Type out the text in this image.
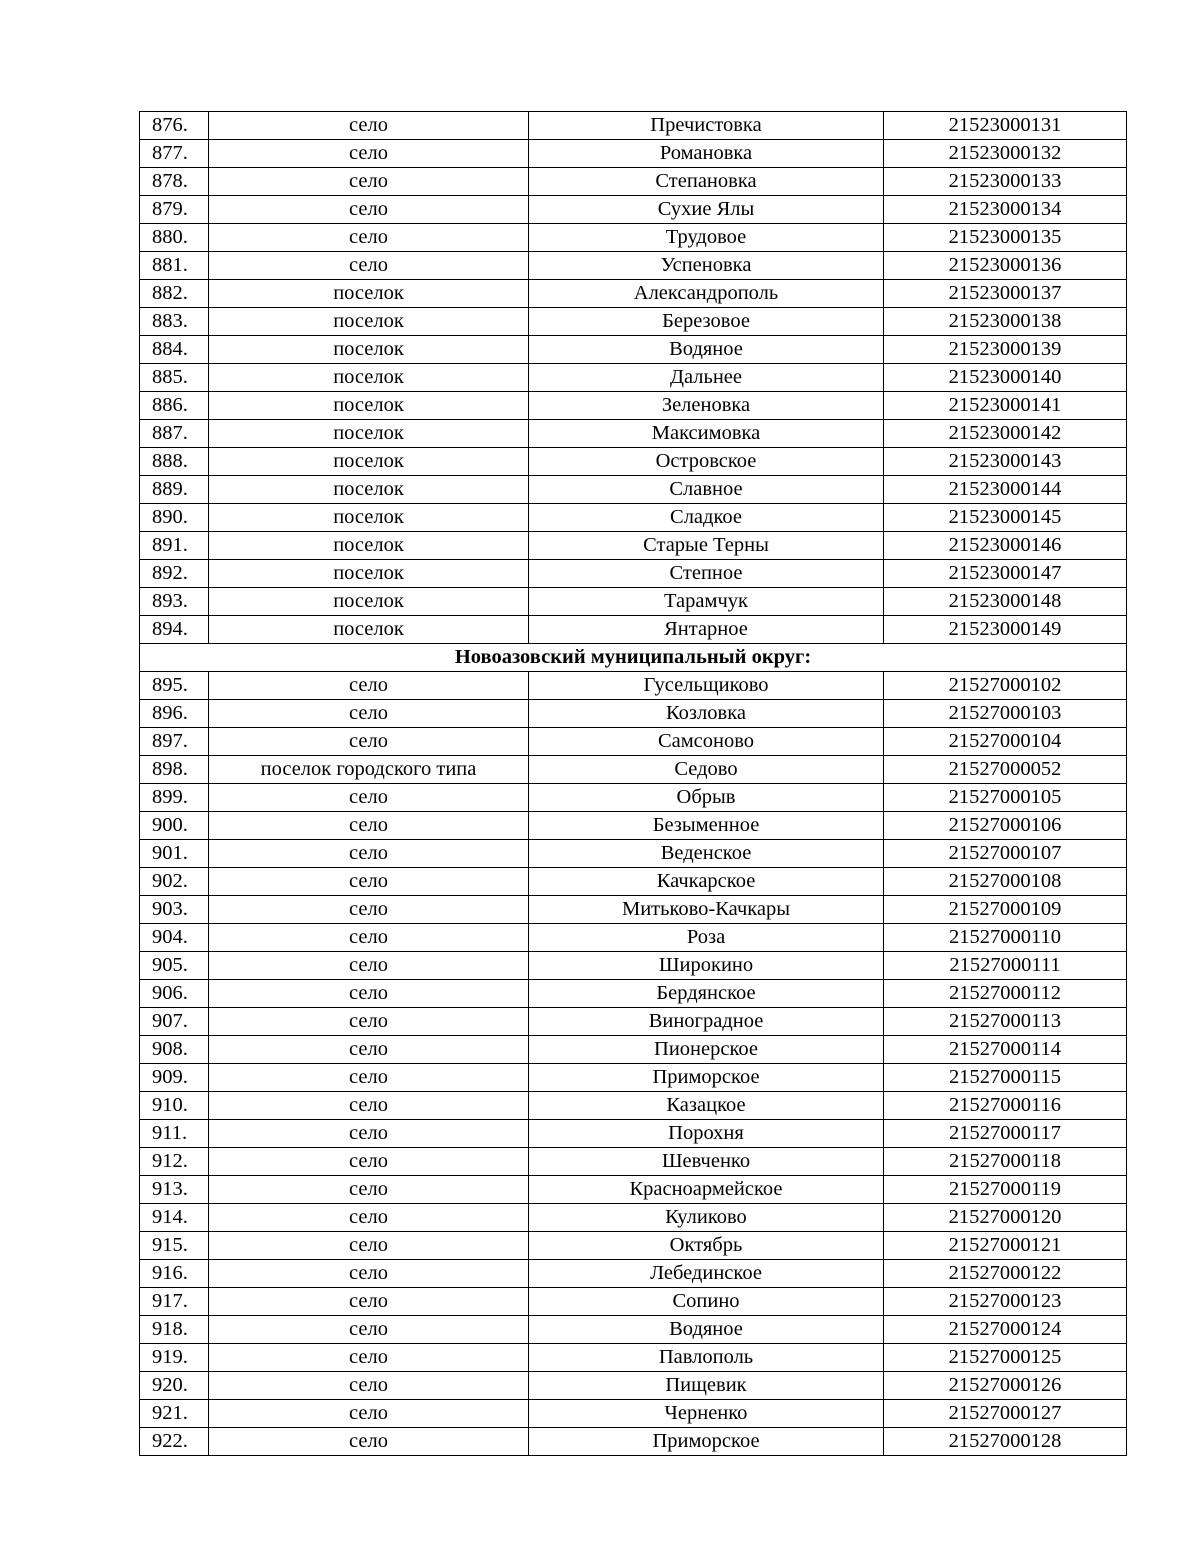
876.	село	Пречистовка	21523000131
877.	село	Романовка	21523000132
878.	село	Степановка	21523000133
879.	село	Сухие Ялы	21523000134
880.	село	Трудовое	21523000135
881.	село	Успеновка	21523000136
882.	поселок	Александрополь	21523000137
883.	поселок	Березовое	21523000138
884.	поселок	Водяное	21523000139
885.	поселок	Дальнее	21523000140
886.	поселок	Зеленовка	21523000141
887.	поселок	Максимовка	21523000142
888.	поселок	Островское	21523000143
889.	поселок	Славное	21523000144
890.	поселок	Сладкое	21523000145
891.	поселок	Старые Терны	21523000146
892.	поселок	Степное	21523000147
893.	поселок	Тарамчук	21523000148
894.	поселок	Янтарное	21523000149
Новоазовский муниципальный округ:			
895.	село	Гусельщиково	21527000102
896.	село	Козловка	21527000103
897.	село	Самсоново	21527000104
898.	поселок городского типа	Седово	21527000052
899.	село	Обрыв	21527000105
900.	село	Безыменное	21527000106
901.	село	Веденское	21527000107
902.	село	Качкарское	21527000108
903.	село	Митьково-Качкары	21527000109
904.	село	Роза	21527000110
905.	село	Широкино	21527000111
906.	село	Бердянское	21527000112
907.	село	Виноградное	21527000113
908.	село	Пионерское	21527000114
909.	село	Приморское	21527000115
910.	село	Казацкое	21527000116
911.	село	Порохня	21527000117
912.	село	Шевченко	21527000118
913.	село	Красноармейское	21527000119
914.	село	Куликово	21527000120
915.	село	Октябрь	21527000121
916.	село	Лебединское	21527000122
917.	село	Сопино	21527000123
918.	село	Водяное	21527000124
919.	село	Павлополь	21527000125
920.	село	Пищевик	21527000126
921.	село	Черненко	21527000127
922.	село	Приморское	21527000128
